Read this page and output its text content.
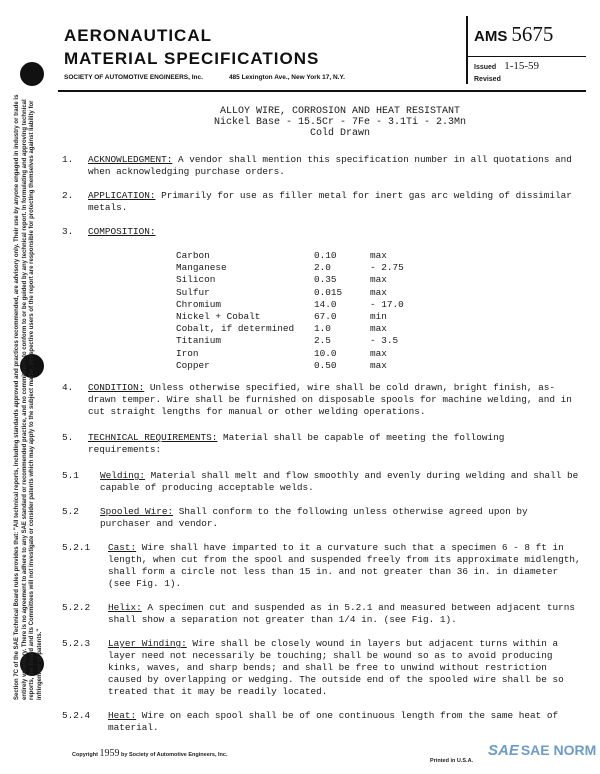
Section 7C of the SAE Technical Board rules provides that: "All technical reports, including standards approved and practices recommended, are advisory only. Their use by anyone engaged in industry or trade is entirely voluntary. There is no agreement to adhere to any SAE standard or recommended practice, and no commitment to conform to or be guided by any technical report. In formulating and approving technical reports, the Board and its Committees will not investigate or consider patents which may apply to the subject matter. Prospective users of the report are responsible for protecting themselves against liability for infringement of patents."
AERONAUTICAL
MATERIAL SPECIFICATIONS
SOCIETY OF AUTOMOTIVE ENGINEERS, Inc.	485 Lexington Ave., New York 17, N.Y.
AMS 5675
Issued 1-15-59
Revised
ALLOY WIRE, CORROSION AND HEAT RESISTANT
Nickel Base - 15.5Cr - 7Fe - 3.1Ti - 2.3Mn
Cold Drawn
1. ACKNOWLEDGMENT: A vendor shall mention this specification number in all quotations and when acknowledging purchase orders.
2. APPLICATION: Primarily for use as filler metal for inert gas arc welding of dissimilar metals.
3. COMPOSITION:
Carbon	0.10	max
Manganese	2.0	- 2.75
Silicon	0.35	max
Sulfur	0.015	max
Chromium	14.0	- 17.0
Nickel + Cobalt	67.0	min
Cobalt, if determined 1.0	max
Titanium	2.5	- 3.5
Iron	10.0	max
Copper	0.50	max
4. CONDITION: Unless otherwise specified, wire shall be cold drawn, bright finish, as-drawn temper. Wire shall be furnished on disposable spools for machine welding, and in cut straight lengths for manual or other welding operations.
5. TECHNICAL REQUIREMENTS: Material shall be capable of meeting the following requirements:
5.1 Welding: Material shall melt and flow smoothly and evenly during welding and shall be capable of producing acceptable welds.
5.2 Spooled Wire: Shall conform to the following unless otherwise agreed upon by purchaser and vendor.
5.2.1 Cast: Wire shall have imparted to it a curvature such that a specimen 6 - 8 ft in length, when cut from the spool and suspended freely from its approximate midlength, shall form a circle not less than 15 in. and not greater than 36 in. in diameter (see Fig. 1).
5.2.2 Helix: A specimen cut and suspended as in 5.2.1 and measured between adjacent turns shall show a separation not greater than 1/4 in. (see Fig. 1).
5.2.3 Layer Winding: Wire shall be closely wound in layers but adjacent turns within a layer need not necessarily be touching; shall be wound so as to avoid producing kinks, waves, and sharp bends; and shall be free to unwind without restriction caused by overlapping or wedging. The outside end of the spooled wire shall be so treated that it may be readily located.
5.2.4 Heat: Wire on each spool shall be of one continuous length from the same heat of material.
Copyright 1959 by Society of Automotive Engineers, Inc.
Printed in U.S.A.
SAE SAE NORM
